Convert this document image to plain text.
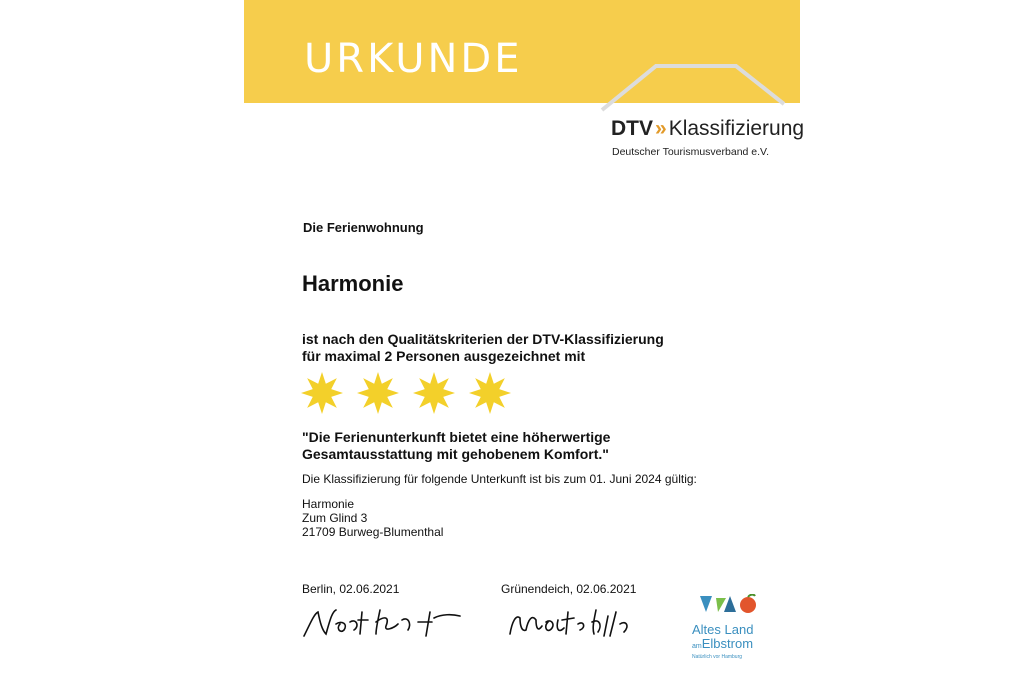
URKUNDE
DTV»Klassifizierung
Deutscher Tourismusverband e.V.
Die Ferienwohnung
Harmonie
ist nach den Qualitätskriterien der DTV-Klassifizierung
für maximal 2 Personen ausgezeichnet mit
"Die Ferienunterkunft bietet eine höherwertige
Gesamtausstattung mit gehobenem Komfort."
Die Klassifizierung für folgende Unterkunft ist bis zum 01. Juni 2024 gültig:
Harmonie
Zum Glind 3
21709 Burweg-Blumenthal
Berlin, 02.06.2021	Grünendeich, 02.06.2021
Altes Land
amElbstrom
Natürlich vor Hamburg
